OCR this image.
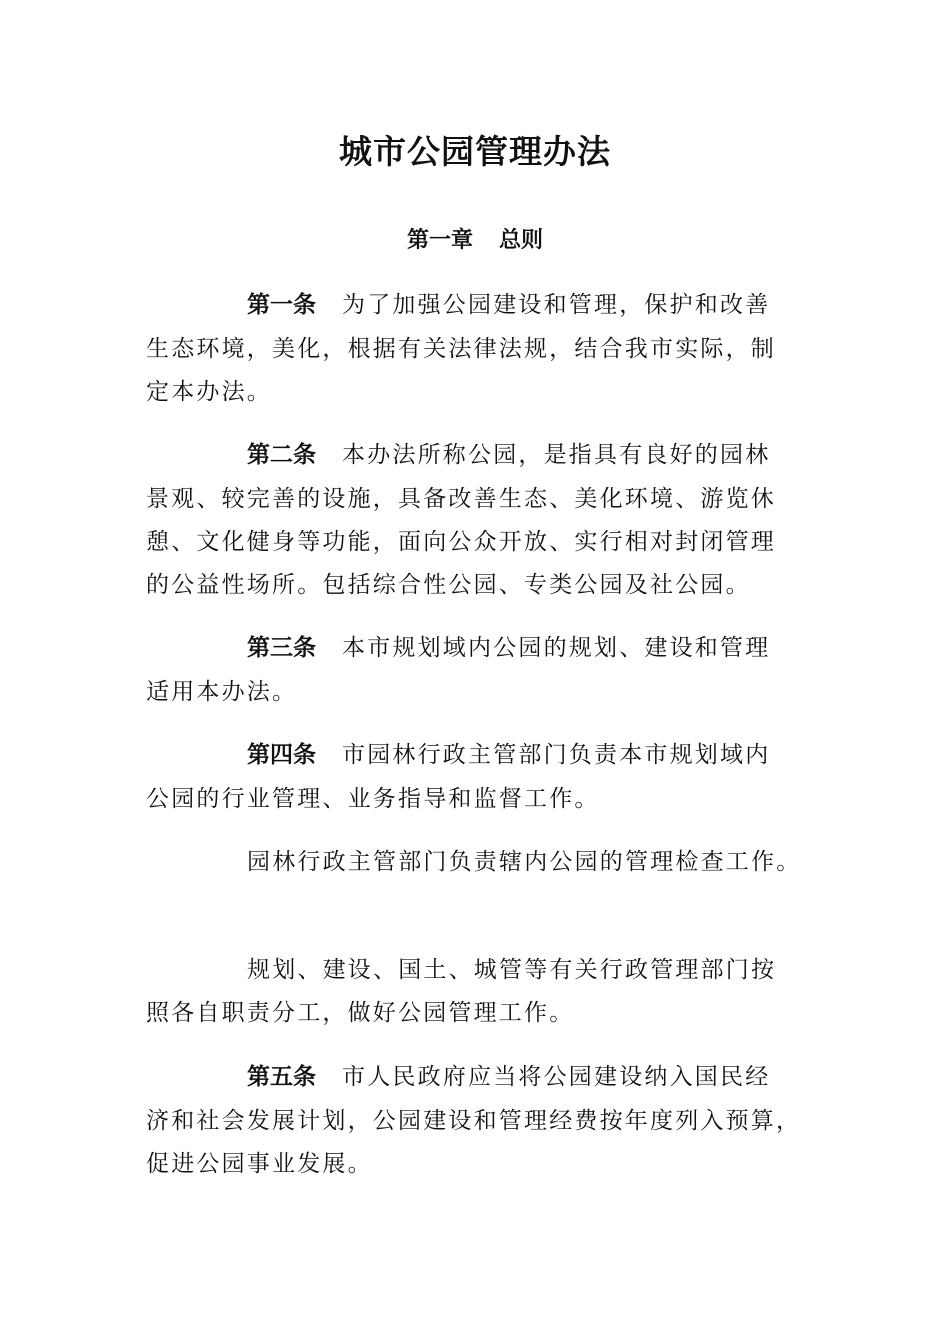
城市公园管理办法
第一章 总则
第一条 为了加强公园建设和管理，保护和改善
生态环境，美化，根据有关法律法规，结合我市实际，制
定本办法。
第二条 本办法所称公园，是指具有良好的园林
景观、较完善的设施，具备改善生态、美化环境、游览休
憩、文化健身等功能，面向公众开放、实行相对封闭管理
的公益性场所。包括综合性公园、专类公园及社公园。
第三条 本市规划域内公园的规划、建设和管理
适用本办法。
第四条 市园林行政主管部门负责本市规划域内
公园的行业管理、业务指导和监督工作。
园林行政主管部门负责辖内公园的管理检查工作。
规划、建设、国土、城管等有关行政管理部门按
照各自职责分工，做好公园管理工作。
第五条 市人民政府应当将公园建设纳入国民经
济和社会发展计划，公园建设和管理经费按年度列入预算，
促进公园事业发展。
